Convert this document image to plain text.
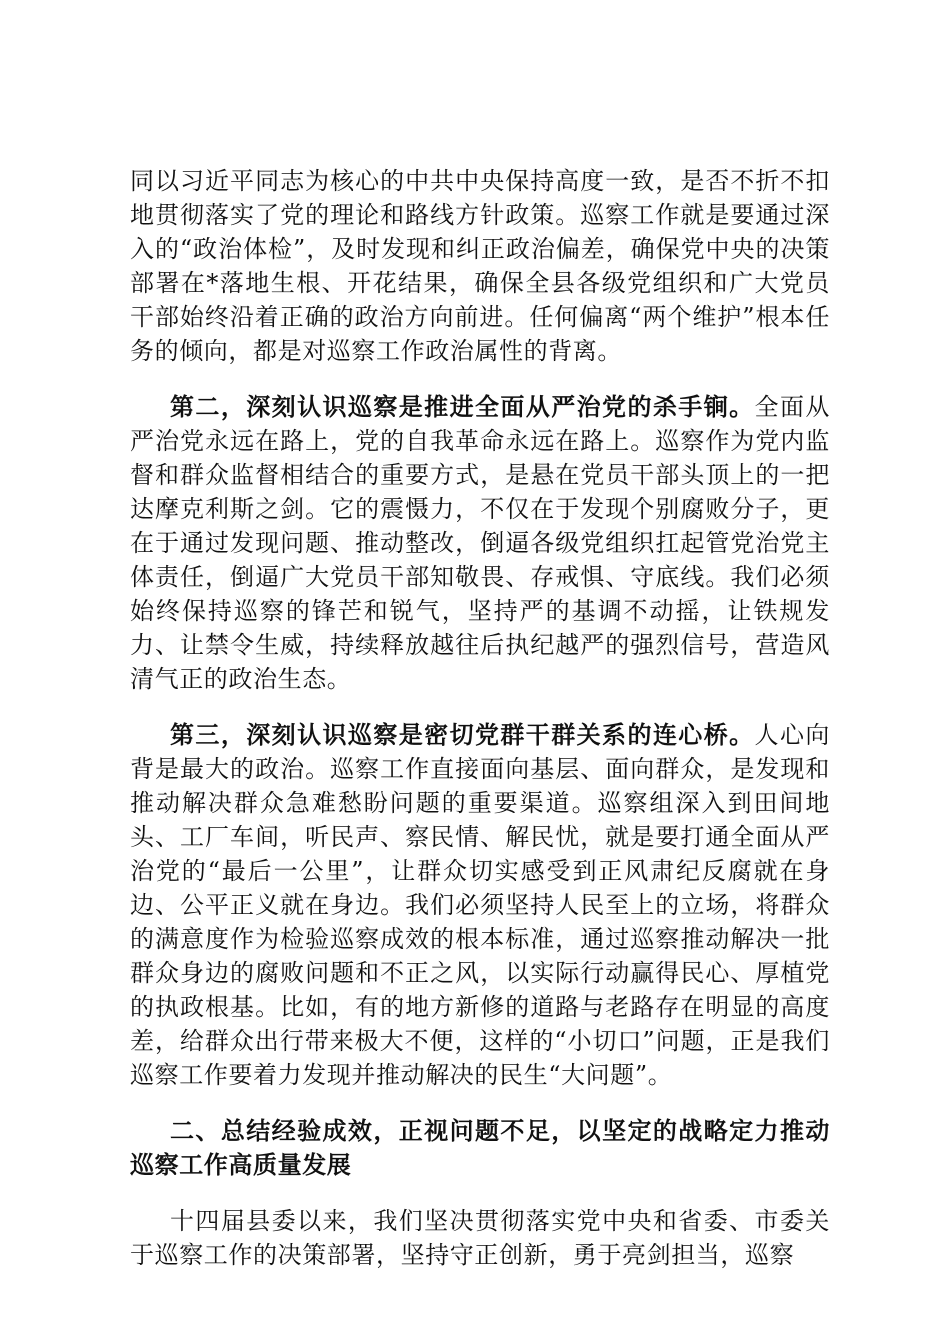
同以习近平同志为核心的中共中央保持高度一致，是否不折不扣地贯彻落实了党的理论和路线方针政策。巡察工作就是要通过深入的“政治体检”，及时发现和纠正政治偏差，确保党中央的决策部署在*落地生根、开花结果，确保全县各级党组织和广大党员干部始终沿着正确的政治方向前进。任何偏离“两个维护”根本任务的倾向，都是对巡察工作政治属性的背离。

第二，深刻认识巡察是推进全面从严治党的杀手锏。全面从严治党永远在路上，党的自我革命永远在路上。巡察作为党内监督和群众监督相结合的重要方式，是悬在党员干部头顶上的一把达摩克利斯之剑。它的震慑力，不仅在于发现个别腐败分子，更在于通过发现问题、推动整改，倒逼各级党组织扛起管党治党主体责任，倒逼广大党员干部知敬畏、存戒惧、守底线。我们必须始终保持巡察的锋芒和锐气，坚持严的基调不动摇，让铁规发力、让禁令生威，持续释放越往后执纪越严的强烈信号，营造风清气正的政治生态。

第三，深刻认识巡察是密切党群干群关系的连心桥。人心向背是最大的政治。巡察工作直接面向基层、面向群众，是发现和推动解决群众急难愁盼问题的重要渠道。巡察组深入到田间地头、工厂车间，听民声、察民情、解民忧，就是要打通全面从严治党的“最后一公里”，让群众切实感受到正风肃纪反腐就在身边、公平正义就在身边。我们必须坚持人民至上的立场，将群众的满意度作为检验巡察成效的根本标准，通过巡察推动解决一批群众身边的腐败问题和不正之风，以实际行动赢得民心、厚植党的执政根基。比如，有的地方新修的道路与老路存在明显的高度差，给群众出行带来极大不便，这样的“小切口”问题，正是我们巡察工作要着力发现并推动解决的民生“大问题”。

二、总结经验成效，正视问题不足，以坚定的战略定力推动巡察工作高质量发展

十四届县委以来，我们坚决贯彻落实党中央和省委、市委关于巡察工作的决策部署，坚持守正创新，勇于亮剑担当，巡察
